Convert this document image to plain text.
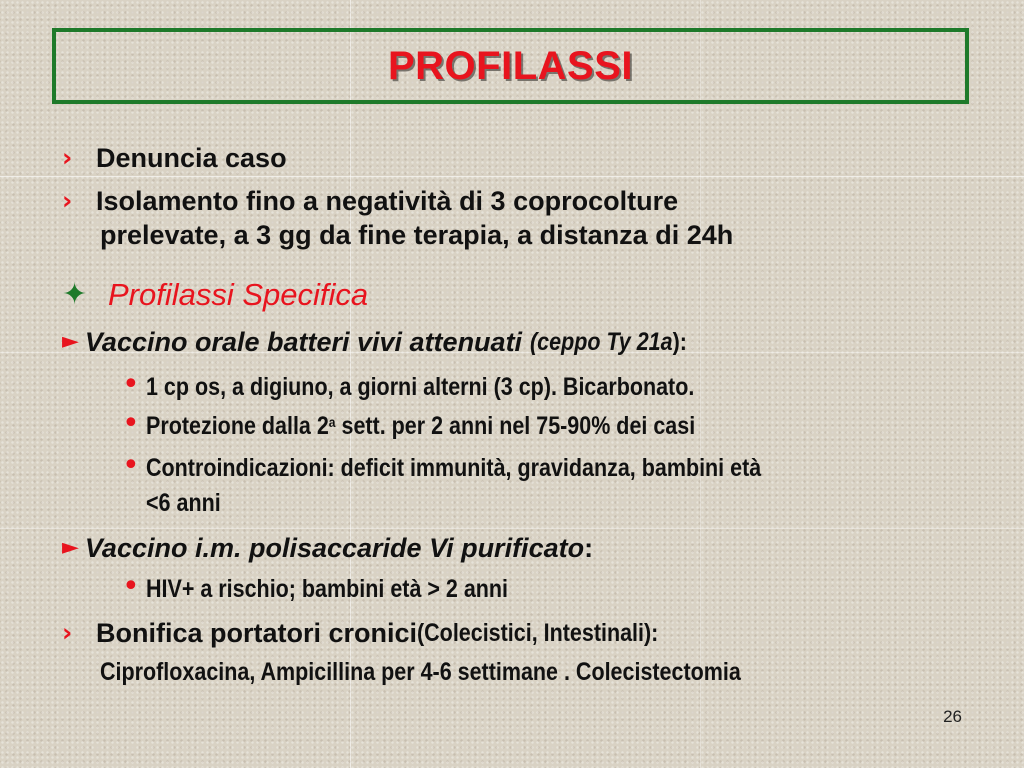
PROFILASSI
› Denuncia caso
› Isolamento fino a negatività di 3 coprocolture
prelevate, a 3 gg da fine terapia, a distanza di 24h
✦ Profilassi Specifica
► Vaccino orale batteri vivi attenuati (ceppo Ty 21a):
• 1 cp os, a digiuno, a giorni alterni (3 cp). Bicarbonato.
• Protezione dalla 2$^a$ sett. per 2 anni nel 75-90% dei casi
• Controindicazioni: deficit immunità, gravidanza, bambini età
<6 anni
► Vaccino i.m. polisaccaride Vi purificato :
• HIV+ a rischio; bambini età > 2 anni
› Bonifica portatori cronici (Colecistici, Intestinali):
Ciprofloxacina, Ampicillina per 4-6 settimane . Colecistectomia
26
